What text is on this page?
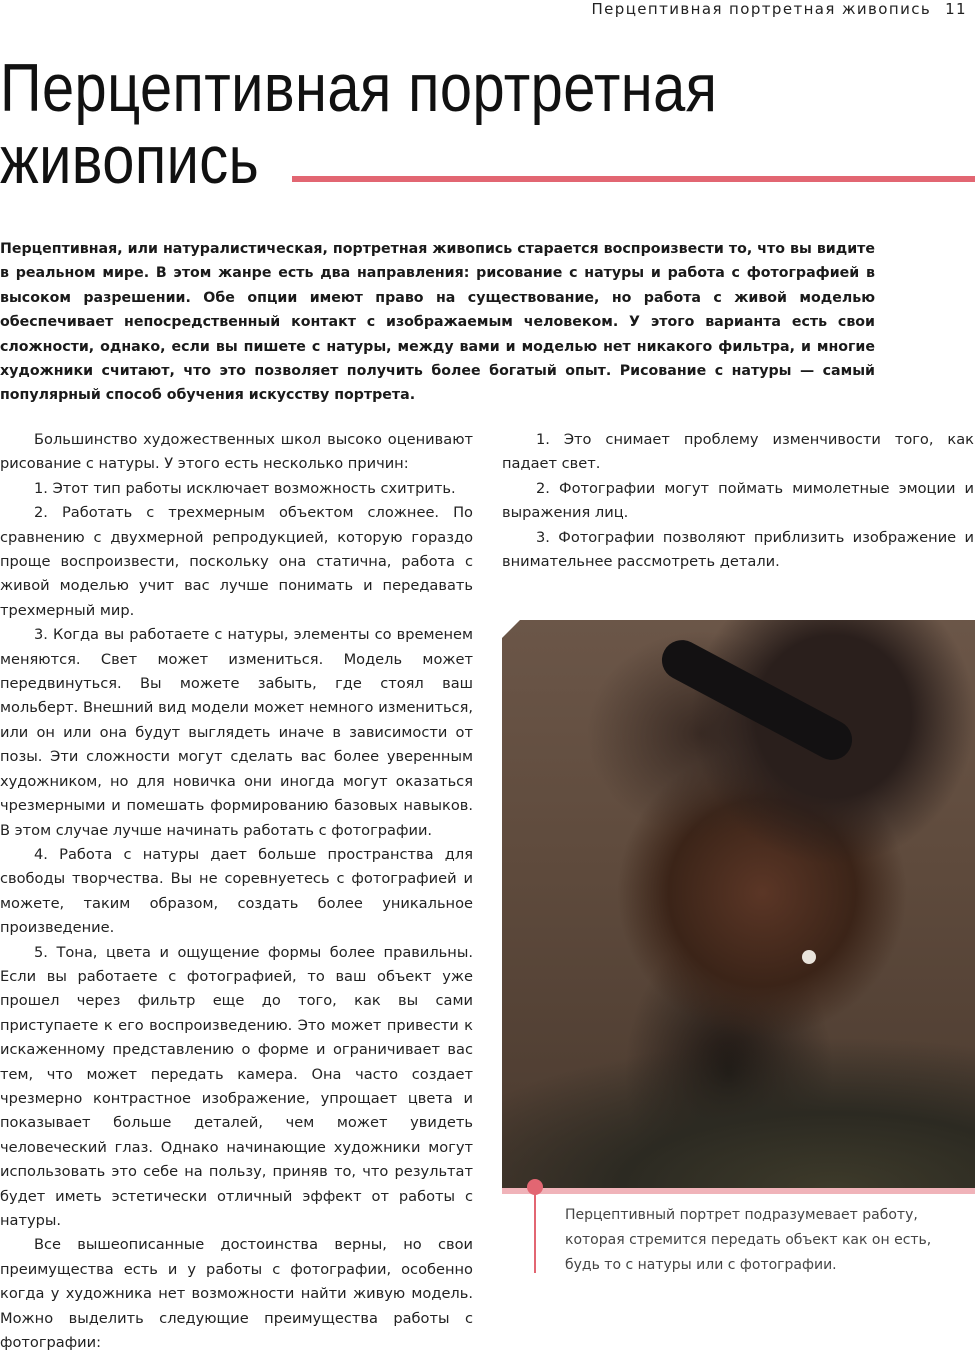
Перцептивная портретная живопись 11
Перцептивная портретная
живопись

Перцептивная, или натуралистическая, портретная живопись старается воспроизвести то, что вы видите в реальном мире. В этом жанре есть два направления: рисование с натуры и работа с фотографией в высоком разрешении. Обе опции имеют право на существование, но работа с живой моделью обеспечивает непосредственный контакт с изображаемым человеком. У этого варианта есть свои сложности, однако, если вы пишете с натуры, между вами и моделью нет никакого фильтра, и многие художники считают, что это позволяет получить более богатый опыт. Рисование с натуры — самый популярный способ обучения искусству портрета.

Большинство художественных школ высоко оценивают рисование с натуры. У этого есть несколько причин:

1. Этот тип работы исключает возможность схитрить.

2. Работать с трехмерным объектом сложнее. По сравнению с двухмерной репродукцией, которую гораздо проще воспроизвести, поскольку она статична, работа с живой моделью учит вас лучше понимать и передавать трехмерный мир.

3. Когда вы работаете с натуры, элементы со временем меняются. Свет может измениться. Модель может передвинуться. Вы можете забыть, где стоял ваш мольберт. Внешний вид модели может немного измениться, или он или она будут выглядеть иначе в зависимости от позы. Эти сложности могут сделать вас более уверенным художником, но для новичка они иногда могут оказаться чрезмерными и помешать формированию базовых навыков. В этом случае лучше начинать работать с фотографии.

4. Работа с натуры дает больше пространства для свободы творчества. Вы не соревнуетесь с фотографией и можете, таким образом, создать более уникальное произведение.

5. Тона, цвета и ощущение формы более правильны. Если вы работаете с фотографией, то ваш объект уже прошел через фильтр еще до того, как вы сами приступаете к его воспроизведению. Это может привести к искаженному представлению о форме и ограничивает вас тем, что может передать камера. Она часто создает чрезмерно контрастное изображение, упрощает цвета и показывает больше деталей, чем может увидеть человеческий глаз. Однако начинающие художники могут использовать это себе на пользу, приняв то, что результат будет иметь эстетически отличный эффект от работы с натуры.

Все вышеописанные достоинства верны, но свои преимущества есть и у работы с фотографии, особенно когда у художника нет возможности найти живую модель. Можно выделить следующие преимущества работы с фотографии:

1. Это снимает проблему изменчивости того, как падает свет.

2. Фотографии могут поймать мимолетные эмоции и выражения лиц.

3. Фотографии позволяют приблизить изображение и внимательнее рассмотреть детали.

Перцептивный портрет подразумевает работу, которая стремится передать объект как он есть, будь то с натуры или с фотографии.
